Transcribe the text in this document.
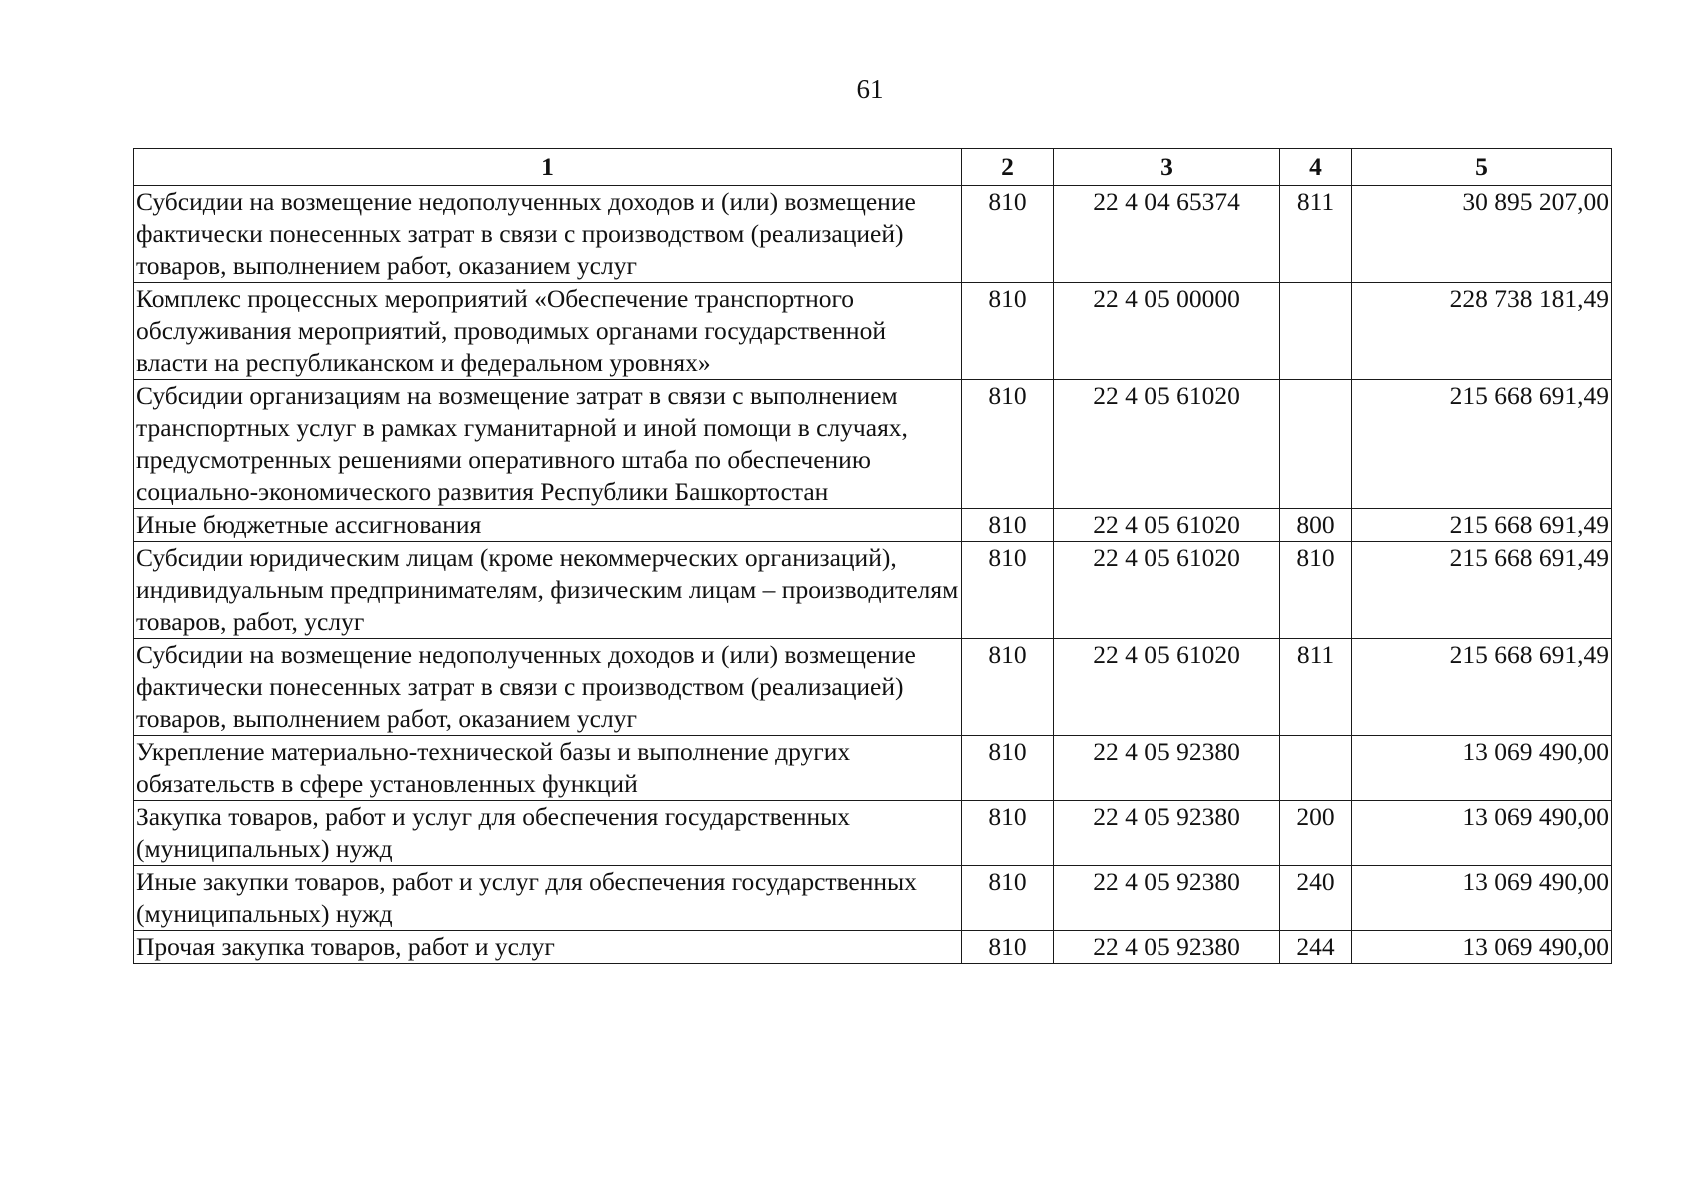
61
1	2	3	4	5
Субсидии на возмещение недополученных доходов и (или) возмещение фактически понесенных затрат в связи с производством (реализацией) товаров, выполнением работ, оказанием услуг	810	22 4 04 65374	811	30 895 207,00
Комплекс процессных мероприятий «Обеспечение транспортного обслуживания мероприятий, проводимых органами государственной власти на республиканском и федеральном уровнях»	810	22 4 05 00000		228 738 181,49
Субсидии организациям на возмещение затрат в связи с выполнением транспортных услуг в рамках гуманитарной и иной помощи в случаях, предусмотренных решениями оперативного штаба по обеспечению социально-экономического развития Республики Башкортостан	810	22 4 05 61020		215 668 691,49
Иные бюджетные ассигнования	810	22 4 05 61020	800	215 668 691,49
Субсидии юридическим лицам (кроме некоммерческих организаций), индивидуальным предпринимателям, физическим лицам – производителям товаров, работ, услуг	810	22 4 05 61020	810	215 668 691,49
Субсидии на возмещение недополученных доходов и (или) возмещение фактически понесенных затрат в связи с производством (реализацией) товаров, выполнением работ, оказанием услуг	810	22 4 05 61020	811	215 668 691,49
Укрепление материально-технической базы и выполнение других обязательств в сфере установленных функций	810	22 4 05 92380		13 069 490,00
Закупка товаров, работ и услуг для обеспечения государственных (муниципальных) нужд	810	22 4 05 92380	200	13 069 490,00
Иные закупки товаров, работ и услуг для обеспечения государственных (муниципальных) нужд	810	22 4 05 92380	240	13 069 490,00
Прочая закупка товаров, работ и услуг	810	22 4 05 92380	244	13 069 490,00
